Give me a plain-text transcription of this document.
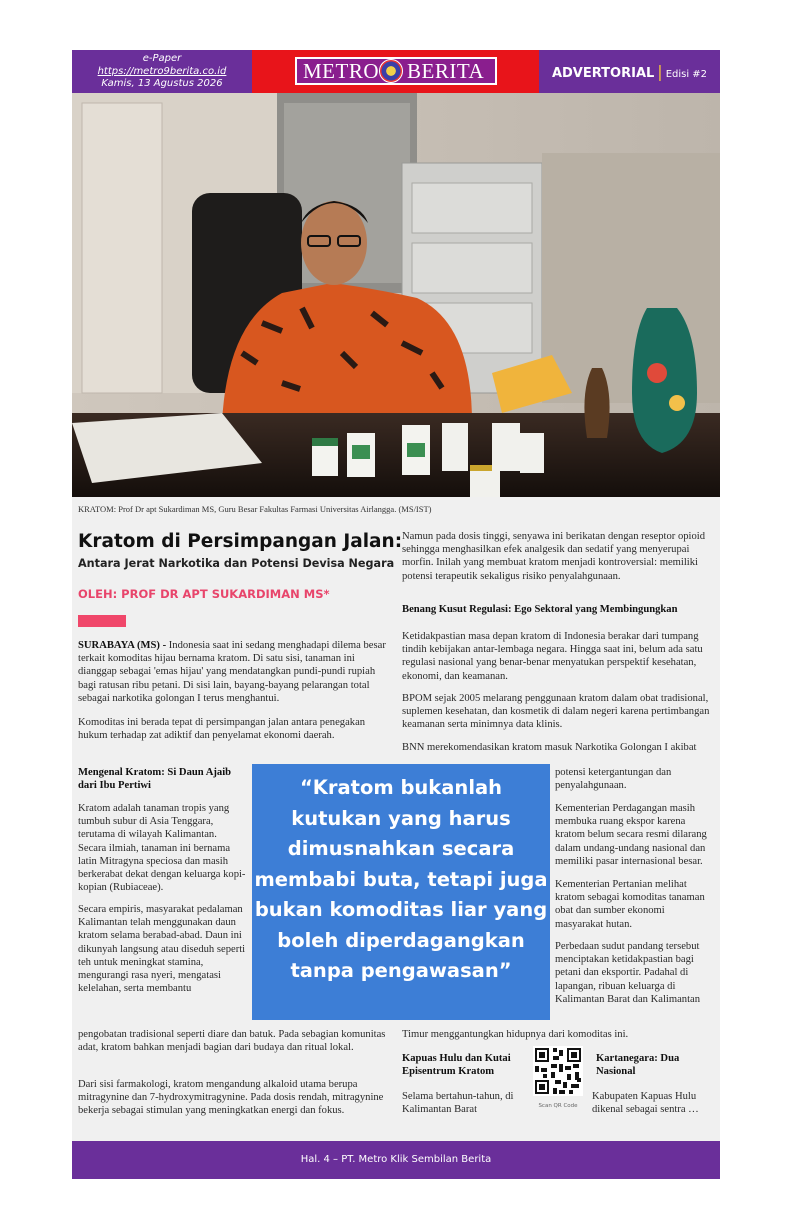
e-Paper
https://metro9berita.co.id
Kamis, 13 Agustus 2026
METRO BERITA	ADVERTORIAL | Edisi #2
KRATOM: Prof Dr apt Sukardiman MS, Guru Besar Fakultas Farmasi Universitas Airlangga. (MS/IST)
Kratom di Persimpangan Jalan:
Antara Jerat Narkotika dan Potensi Devisa Negara
OLEH: PROF DR APT SUKARDIMAN MS*

SURABAYA (MS) - Indonesia saat ini sedang menghadapi dilema besar terkait komoditas hijau bernama kratom. Di satu sisi, tanaman ini dianggap sebagai 'emas hijau' yang mendatangkan pundi-pundi rupiah bagi ratusan ribu petani. Di sisi lain, bayang-bayang pelarangan total sebagai narkotika golongan I terus menghantui.

Komoditas ini berada tepat di persimpangan jalan antara penegakan hukum terhadap zat adiktif dan penyelamat ekonomi daerah.

Namun pada dosis tinggi, senyawa ini berikatan dengan reseptor opioid sehingga menghasilkan efek analgesik dan sedatif yang menyerupai morfin. Inilah yang membuat kratom menjadi kontroversial: memiliki potensi terapeutik sekaligus risiko penyalahgunaan.

Benang Kusut Regulasi: Ego Sektoral yang Membingungkan

Ketidakpastian masa depan kratom di Indonesia berakar dari tumpang tindih kebijakan antar-lembaga negara. Hingga saat ini, belum ada satu regulasi nasional yang benar-benar menyatukan perspektif kesehatan, ekonomi, dan keamanan.

BPOM sejak 2005 melarang penggunaan kratom dalam obat tradisional, suplemen kesehatan, dan kosmetik di dalam negeri karena pertimbangan keamanan serta minimnya data klinis.

BNN merekomendasikan kratom masuk Narkotika Golongan I akibat

Mengenal Kratom: Si Daun Ajaib dari Ibu Pertiwi

Kratom adalah tanaman tropis yang tumbuh subur di Asia Tenggara, terutama di wilayah Kalimantan. Secara ilmiah, tanaman ini bernama latin Mitragyna speciosa dan masih berkerabat dekat dengan keluarga kopi-kopian (Rubiaceae).

Secara empiris, masyarakat pedalaman Kalimantan telah menggunakan daun kratom selama berabad-abad. Daun ini dikunyah langsung atau diseduh seperti teh untuk meningkat stamina, mengurangi rasa nyeri, mengatasi kelelahan, serta membantu

“Kratom bukanlah kutukan yang harus dimusnahkan secara membabi buta, tetapi juga bukan komoditas liar yang boleh diperdagangkan tanpa pengawasan”

potensi ketergantungan dan penyalahgunaan.

Kementerian Perdagangan masih membuka ruang ekspor karena kratom belum secara resmi dilarang dalam undang-undang nasional dan memiliki pasar internasional besar.

Kementerian Pertanian melihat kratom sebagai komoditas tanaman obat dan sumber ekonomi masyarakat hutan.

Perbedaan sudut pandang tersebut menciptakan ketidakpastian bagi petani dan eksportir. Padahal di lapangan, ribuan keluarga di Kalimantan Barat dan Kalimantan

pengobatan tradisional seperti diare dan batuk. Pada sebagian komunitas adat, kratom bahkan menjadi bagian dari budaya dan ritual lokal.

Dari sisi farmakologi, kratom mengandung alkaloid utama berupa mitragynine dan 7-hydroxymitragynine. Pada dosis rendah, mitragynine bekerja sebagai stimulan yang meningkatkan energi dan fokus.

Timur menggantungkan hidupnya dari komoditas ini.

Kapuas Hulu dan Kutai Episentrum Kratom

Selama bertahun-tahun, di Kalimantan Barat	Scan QR Code

Kartanegara: Dua Nasional

Kabupaten Kapuas Hulu dikenal sebagai sentra …

Hal. 4 – PT. Metro Klik Sembilan Berita
